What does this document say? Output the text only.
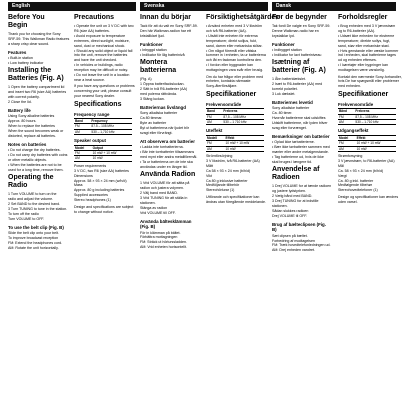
English	Svenska	Dansk
Before You Begin

Thank you for choosing the Sony
SRF-59. This Walkman Radio features
a sharp crisp clear sound.

Features

• Built-in station
• Low battery indicator

Installing the Batteries (Fig. A)

1 Open the battery compartment lid
and insert two R6 (size AA) batteries
with correct polarity.
2 Close the lid.

Battery life

Using Sony alkaline batteries
Approx. 80 hours.
When to replace the batteries
When the sound becomes weak or
distorted, replace all batteries.

Notes on batteries

• Do not charge the dry batteries.
• Do not carry dry batteries with coins
or other metallic objects.
• When the batteries are not to be
used for a long time, remove them.

Operating the Radio

1 Turn VOLUME to turn on the
radio and adjust the volume.
2 Set BAND to the desired band.
3 Turn TUNING to tune in the station.
To turn off the radio
Turn VOLUME to OFF.

To use the belt clip (Fig. B)

Slide the belt clip onto your belt.
To improve broadcast reception
FM: Extend the headphones cord.
AM: Rotate the unit horizontally.

Precautions

• Operate the unit on 3 V DC with two
R6 (size AA) batteries.
• Avoid exposure to temperature
extremes, direct sunlight, moisture,
sand, dust or mechanical shock.
• Should any solid object or liquid fall
into the unit, remove the batteries
and have the unit checked.
• In vehicles or buildings, radio
reception may be difficult or noisy.
• Do not leave the unit in a location
near a heat source.

If you have any questions or problems
concerning your unit, please consult
your nearest Sony dealer.

Specifications
Frequency range
Band	Frequency
FM	87.5 – 108 MHz
AM	530 – 1,710 kHz
Speaker output
Model	Output
FM	10 mW + 10 mW
AM	10 mW

Power requirements
3 V DC, two R6 (size AA) batteries
Dimensions
Approx. 58 × 93 × 24 mm (w/h/d)
Mass
Approx. 80 g including batteries
Supplied accessories
Stereo headphones (1)

Design and specifications are subject
to change without notice.

Innan du börjar

Tack för att du valt en Sony SRF-59.
Den här Walkman-radion har ett
kristallklart ljud.

Funktioner

• Inbyggd station
• Indikator för låg batterinivå

Montera batterierna

(Fig. A)
1 Öppna batterifacksluckan.
2 Sätt in två R6-batterier (AA)
med polerna rättvända.
3 Stäng luckan.

Batteriernas livslängd

Sony alkaliska batterier
Ca 80 timmar.
Byte av batterier
Byt ut batterierna när ljudet blir
svagt eller förvrängt.

Att observera om batterier

• Ladda inte torrbatterierna.
• Bär inte torrbatterier tillsammans
med mynt eller andra metallföremål.
• Ta ur batterierna om de inte ska
användas under en längre tid.

Använda Radion

1 Vrid VOLUME för att sätta på
radion och justera volymen.
2 Välj band med BAND.
3 Vrid TUNING för att ställa in
stationen.
Stänga av radion
Vrid VOLUME till OFF.

Använda bältesklämman (Fig. B)

För in klämman på bältet.
Förbättra mottagningen
FM: Sträck ut hörlurssladden.
AM: Vrid enheten horisontellt.

Försiktighetsåtgärder

• Använd enheten med 3 V likström
och två R6-batterier (AA).
• Utsätt inte enheten för extrema
temperaturer, direkt solljus, fukt,
sand, damm eller mekaniska stötar.
• Om något föremål eller vätska
kommer in i enheten, ta ur batterierna
och låt en fackman kontrollera den.
• I fordon eller byggnader kan
mottagningen vara svår eller brusig.

Om du har frågor eller problem med
enheten, kontakta närmaste
Sony-återförsäljare.

Specifikationer
Frekvensområde
Band	Frekvens
FM	87,5 – 108 MHz
AM	530 – 1 710 kHz
Uteffekt
Modell	Effekt
FM	10 mW + 10 mW
AM	10 mW

Strömförsörjning
3 V likström, två R6-batterier (AA)
Mått
Ca 58 × 93 × 24 mm (b/h/d)
Vikt
Ca 80 g inklusive batterier
Medföljande tillbehör
Stereohörlurar (1)

Utförande och specifikationer kan
ändras utan föregående meddelande.

Før de begynder

Tak fordi De valgte en Sony SRF-59.
Denne Walkman-radio har en
krystalklar lyd.

Funktioner

• Indbygget station
• Indikator for lavt batteriniveau

Isætning af batterier (Fig. A)

1 Åbn batteridækslet.
2 Isæt to R6-batterier (AA) med
korrekt polaritet.
3 Luk dækslet.

Batteriernes levetid

Sony alkaliske batterier
Ca. 80 timer.
Hvornår batterierne skal udskiftes
Udskift batterierne, når lyden bliver
svag eller forvrænget.

Bemærkninger om batterier

• Oplad ikke tørbatterierne.
• Bær ikke tørbatterier sammen med
mønter eller andre metalgenstande.
• Tag batterierne ud, hvis de ikke
skal bruges i længere tid.

Anvendelse af Radioen

1 Drej VOLUME for at tænde radioen
og justere lydstyrken.
2 Vælg bånd med BAND.
3 Drej TUNING for at indstille
stationen.
Sådan slukkes radioen
Drej VOLUME til OFF.

Brug af bælteclipsen (Fig. B)

Sæt clipsen på bæltet.
Forbedring af modtagelsen
FM: Træk hovedtelefonledningen ud.
AM: Drej enheden vandret.

Forholdsregler

• Brug enheden med 3 V jævnstrøm
og to R6-batterier (AA).
• Udsæt ikke enheden for ekstreme
temperaturer, direkte sollys, fugt,
sand, støv eller mekaniske stød.
• Hvis genstande eller væske kommer
ind i enheden, skal batterierne tages
ud og enheden efterses.
• I køretøjer eller bygninger kan
modtagelsen være vanskelig.

Kontakt den nærmeste Sony-forhandler,
hvis De har spørgsmål eller problemer
med enheden.

Specifikationer
Frekvensområde
Bånd	Frekvens
FM	87,5 – 108 MHz
AM	530 – 1.710 kHz
Udgangseffekt
Model	Effekt
FM	10 mW + 10 mW
AM	10 mW

Strømforsyning
3 V jævnstrøm, to R6-batterier (AA)
Mål
Ca. 58 × 93 × 24 mm (b/h/d)
Vægt
Ca. 80 g inkl. batterier
Medfølgende tilbehør
Stereohovedtelefoner (1)

Design og specifikationer kan ændres
uden varsel.
